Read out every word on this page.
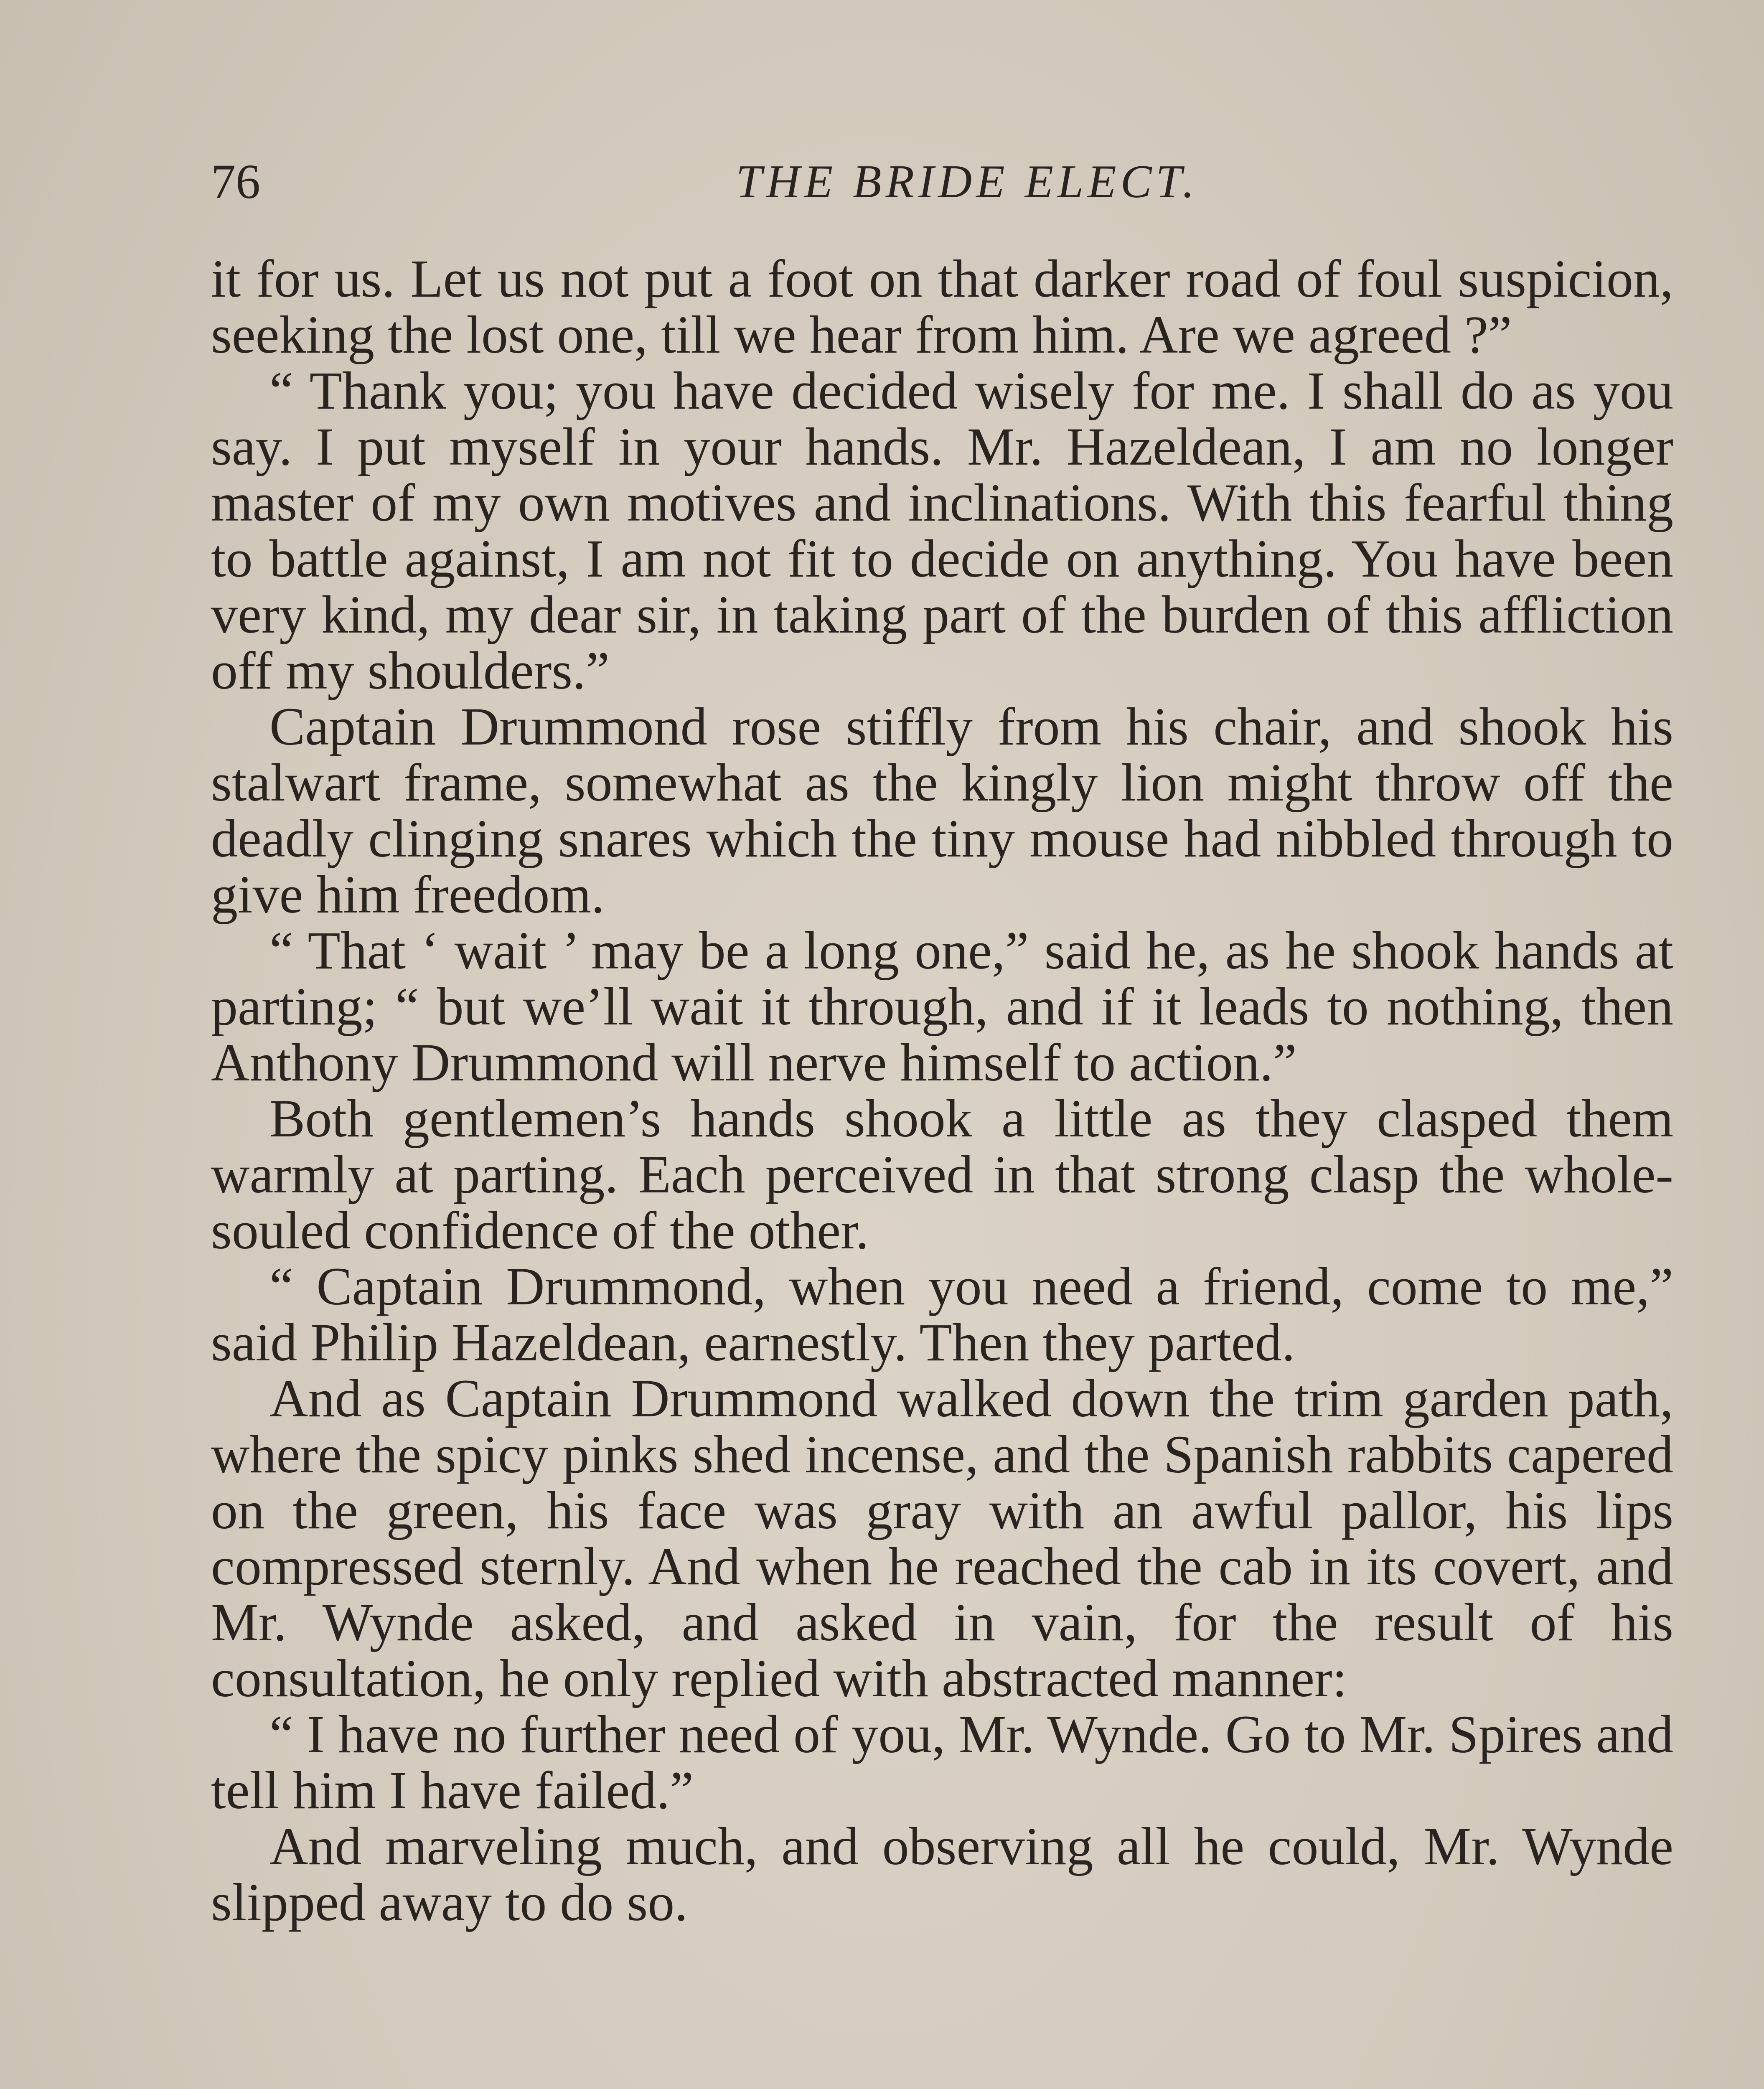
76	THE BRIDE ELECT.

it for us. Let us not put a foot on that darker road of foul suspicion, seeking the lost one, till we hear from him. Are we agreed ?”

“ Thank you; you have decided wisely for me. I shall do as you say. I put myself in your hands. Mr. Hazeldean, I am no longer master of my own motives and inclinations. With this fearful thing to battle against, I am not fit to decide on anything. You have been very kind, my dear sir, in taking part of the burden of this affliction off my shoulders.”

Captain Drummond rose stiffly from his chair, and shook his stalwart frame, somewhat as the kingly lion might throw off the deadly clinging snares which the tiny mouse had nibbled through to give him freedom.

“ That ‘ wait ’ may be a long one,” said he, as he shook hands at parting; “ but we’ll wait it through, and if it leads to nothing, then Anthony Drummond will nerve himself to action.”

Both gentlemen’s hands shook a little as they clasped them warmly at parting. Each perceived in that strong clasp the whole-souled confidence of the other.

“ Captain Drummond, when you need a friend, come to me,” said Philip Hazeldean, earnestly. Then they parted.

And as Captain Drummond walked down the trim garden path, where the spicy pinks shed incense, and the Spanish rabbits capered on the green, his face was gray with an awful pallor, his lips compressed sternly. And when he reached the cab in its covert, and Mr. Wynde asked, and asked in vain, for the result of his consultation, he only replied with abstracted manner:

“ I have no further need of you, Mr. Wynde. Go to Mr. Spires and tell him I have failed.”

And marveling much, and observing all he could, Mr. Wynde slipped away to do so.
